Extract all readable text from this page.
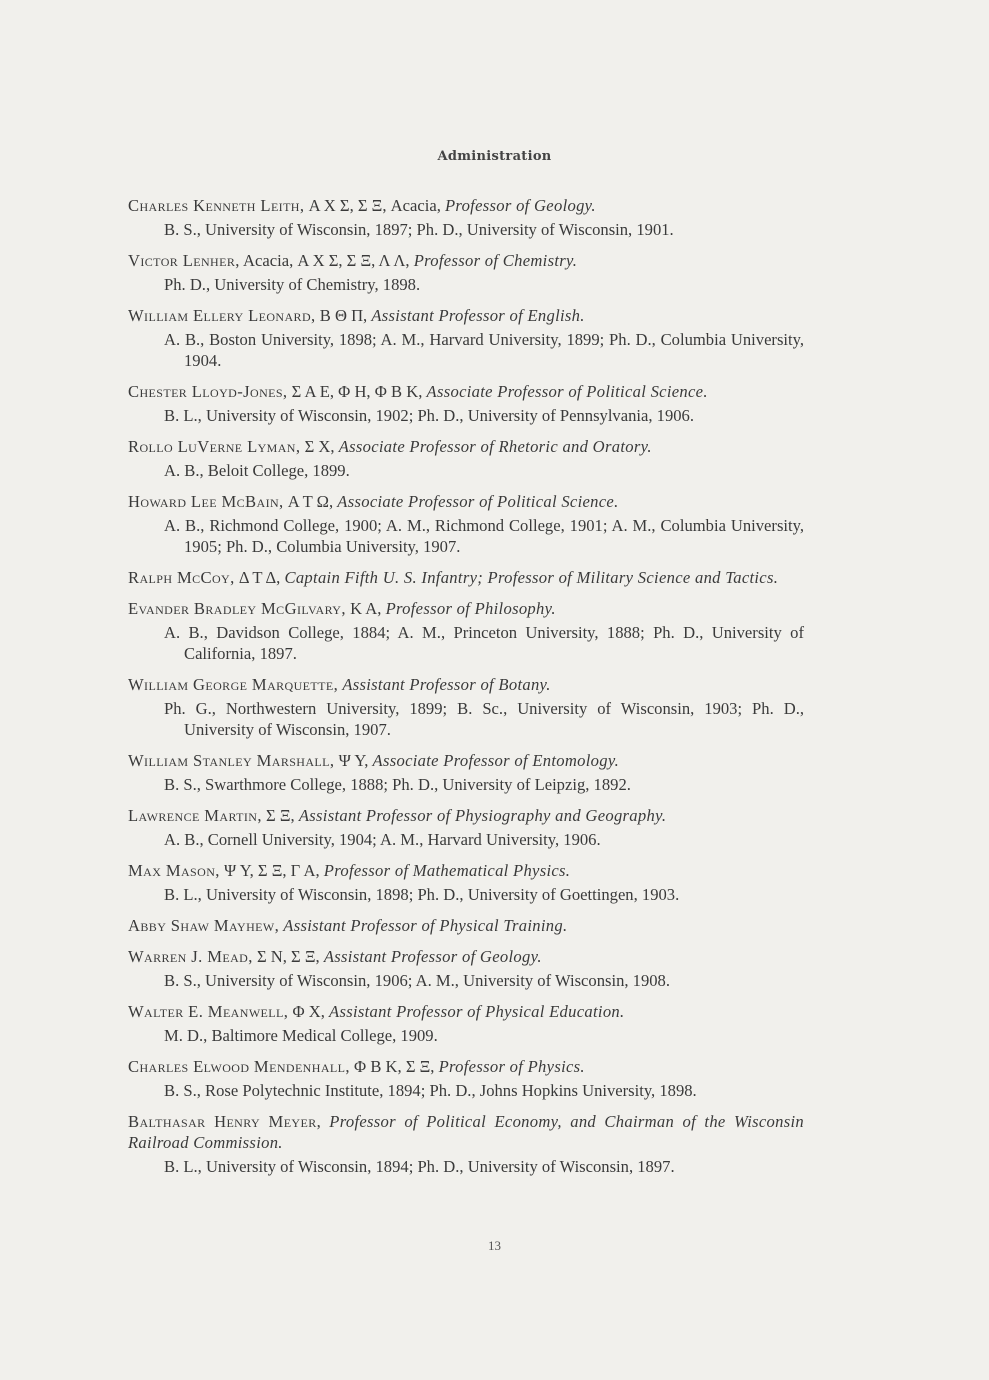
Administration

Charles Kenneth Leith, Α Χ Σ, Σ Ξ, Acacia, Professor of Geology.

B. S., University of Wisconsin, 1897; Ph. D., University of Wisconsin, 1901.

Victor Lenher, Acacia, Α Χ Σ, Σ Ξ, Λ Λ, Professor of Chemistry.

Ph. D., University of Chemistry, 1898.

William Ellery Leonard, Β Θ Π, Assistant Professor of English.

A. B., Boston University, 1898; A. M., Harvard University, 1899; Ph. D., Columbia University, 1904.

Chester Lloyd-Jones, Σ Α Ε, Φ Η, Φ Β Κ, Associate Professor of Political Science.

B. L., University of Wisconsin, 1902; Ph. D., University of Pennsylvania, 1906.

Rollo LuVerne Lyman, Σ Χ, Associate Professor of Rhetoric and Oratory.

A. B., Beloit College, 1899.

Howard Lee McBain, Α Τ Ω, Associate Professor of Political Science.

A. B., Richmond College, 1900; A. M., Richmond College, 1901; A. M., Columbia University, 1905; Ph. D., Columbia University, 1907.

Ralph McCoy, Δ Τ Δ, Captain Fifth U. S. Infantry; Professor of Military Science and Tactics.

Evander Bradley McGilvary, Κ Α, Professor of Philosophy.

A. B., Davidson College, 1884; A. M., Princeton University, 1888; Ph. D., University of California, 1897.

William George Marquette, Assistant Professor of Botany.

Ph. G., Northwestern University, 1899; B. Sc., University of Wisconsin, 1903; Ph. D., University of Wisconsin, 1907.

William Stanley Marshall, Ψ Υ, Associate Professor of Entomology.

B. S., Swarthmore College, 1888; Ph. D., University of Leipzig, 1892.

Lawrence Martin, Σ Ξ, Assistant Professor of Physiography and Geography.

A. B., Cornell University, 1904; A. M., Harvard University, 1906.

Max Mason, Ψ Υ, Σ Ξ, Γ Α, Professor of Mathematical Physics.

B. L., University of Wisconsin, 1898; Ph. D., University of Goettingen, 1903.

Abby Shaw Mayhew, Assistant Professor of Physical Training.

Warren J. Mead, Σ Ν, Σ Ξ, Assistant Professor of Geology.

B. S., University of Wisconsin, 1906; A. M., University of Wisconsin, 1908.

Walter E. Meanwell, Φ Χ, Assistant Professor of Physical Education.

M. D., Baltimore Medical College, 1909.

Charles Elwood Mendenhall, Φ Β Κ, Σ Ξ, Professor of Physics.

B. S., Rose Polytechnic Institute, 1894; Ph. D., Johns Hopkins University, 1898.

Balthasar Henry Meyer, Professor of Political Economy, and Chairman of the Wisconsin Railroad Commission.

B. L., University of Wisconsin, 1894; Ph. D., University of Wisconsin, 1897.

13
